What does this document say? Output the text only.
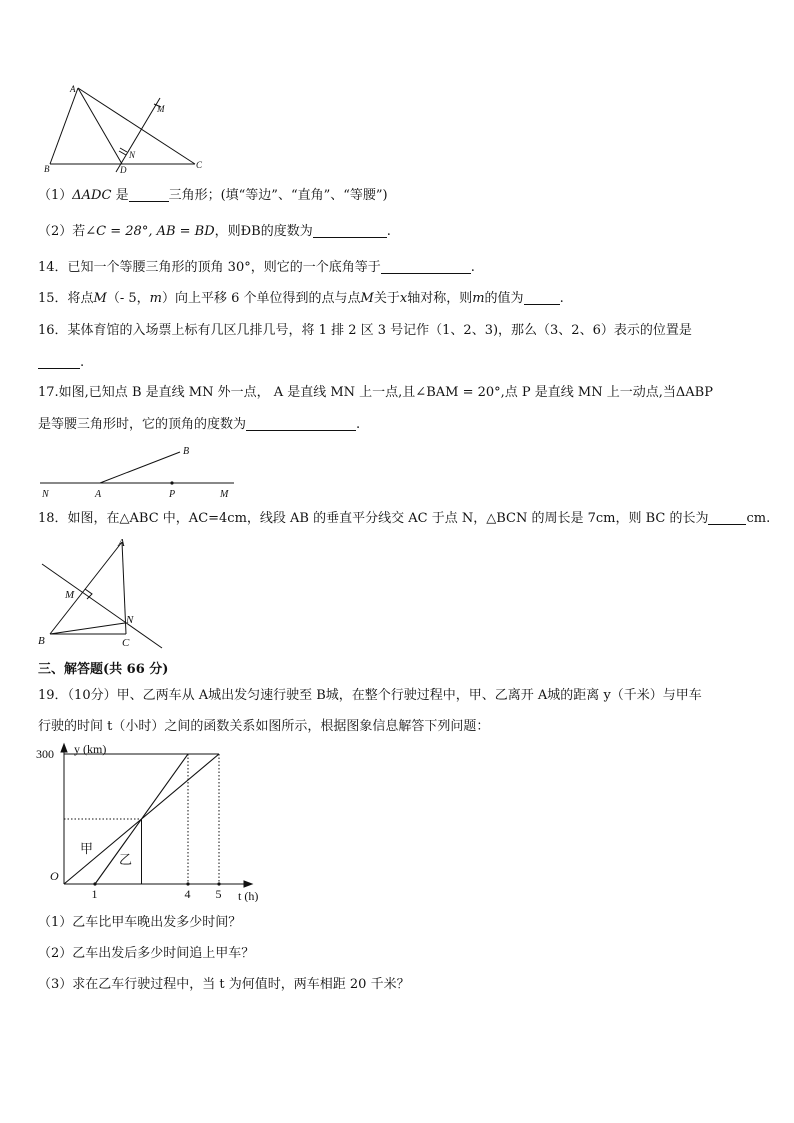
A
B	C
D
N
M
（1）ΔADC 是	三角形；(填“等边”、“直角”、“等腰”)
（2）若∠C = 28°, AB = BD，则ÐB的度数为	.
14．已知一个等腰三角形的顶角 30°，则它的一个底角等于	.
15．将点M（- 5，m）向上平移 6 个单位得到的点与点M关于x轴对称，则m的值为	.
16．某体育馆的入场票上标有几区几排几号，将 1 排 2 区 3 号记作（1、2、3)，那么（3、2、6）表示的位置是
.
17.如图,已知点 B 是直线 MN 外一点， A 是直线 MN 上一点,且∠BAM = 20°,点 P 是直线 MN 上一动点,当ΔABP
是等腰三角形时，它的顶角的度数为	.
N	A
B
P	M
18．如图，在△ABC 中，AC=4cm，线段 AB 的垂直平分线交 AC 于点 N，△BCN 的周长是 7cm，则 BC 的长为	cm.
A
M
N
B	C
三、解答题(共 66 分)
19．（10分）甲、乙两车从 A城出发匀速行驶至 B城，在整个行驶过程中，甲、乙离开 A城的距离 y（千米）与甲车
行驶的时间 t（小时）之间的函数关系如图所示，根据图象信息解答下列问题：
甲
乙
1	4 5
300 y (km)
t (h)
O
（1）乙车比甲车晚出发多少时间？
（2）乙车出发后多少时间追上甲车？
（3）求在乙车行驶过程中，当 t 为何值时，两车相距 20 千米？
